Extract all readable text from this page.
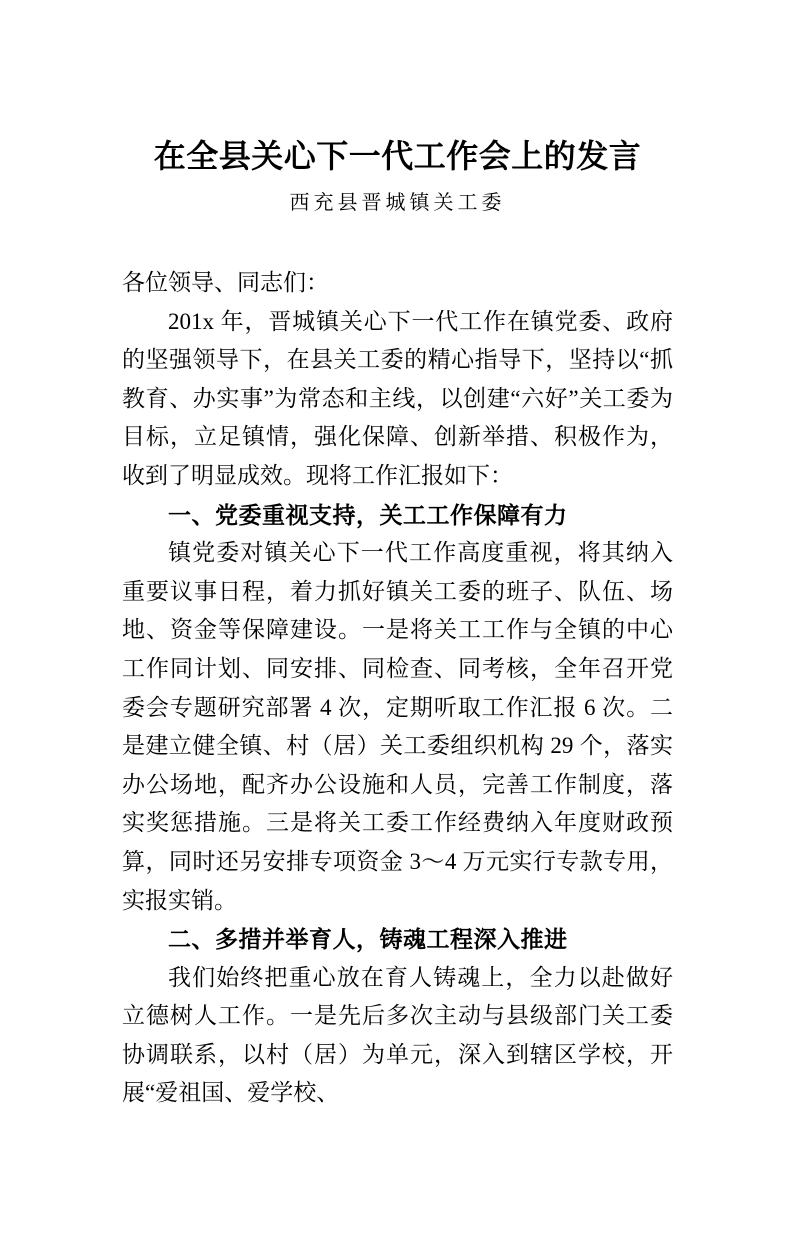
在全县关心下一代工作会上的发言
西充县晋城镇关工委

各位领导、同志们：

201x 年，晋城镇关心下一代工作在镇党委、政府的坚强领导下，在县关工委的精心指导下，坚持以“抓教育、办实事”为常态和主线，以创建“六好”关工委为目标，立足镇情，强化保障、创新举措、积极作为，收到了明显成效。现将工作汇报如下：

一、党委重视支持，关工工作保障有力

镇党委对镇关心下一代工作高度重视，将其纳入重要议事日程，着力抓好镇关工委的班子、队伍、场地、资金等保障建设。一是将关工工作与全镇的中心工作同计划、同安排、同检查、同考核，全年召开党委会专题研究部署 4 次，定期听取工作汇报 6 次。二是建立健全镇、村（居）关工委组织机构 29 个，落实办公场地，配齐办公设施和人员，完善工作制度，落实奖惩措施。三是将关工委工作经费纳入年度财政预算，同时还另安排专项资金 3～4 万元实行专款专用，实报实销。

二、多措并举育人，铸魂工程深入推进

我们始终把重心放在育人铸魂上，全力以赴做好立德树人工作。一是先后多次主动与县级部门关工委协调联系，以村（居）为单元，深入到辖区学校，开展“爱祖国、爱学校、
